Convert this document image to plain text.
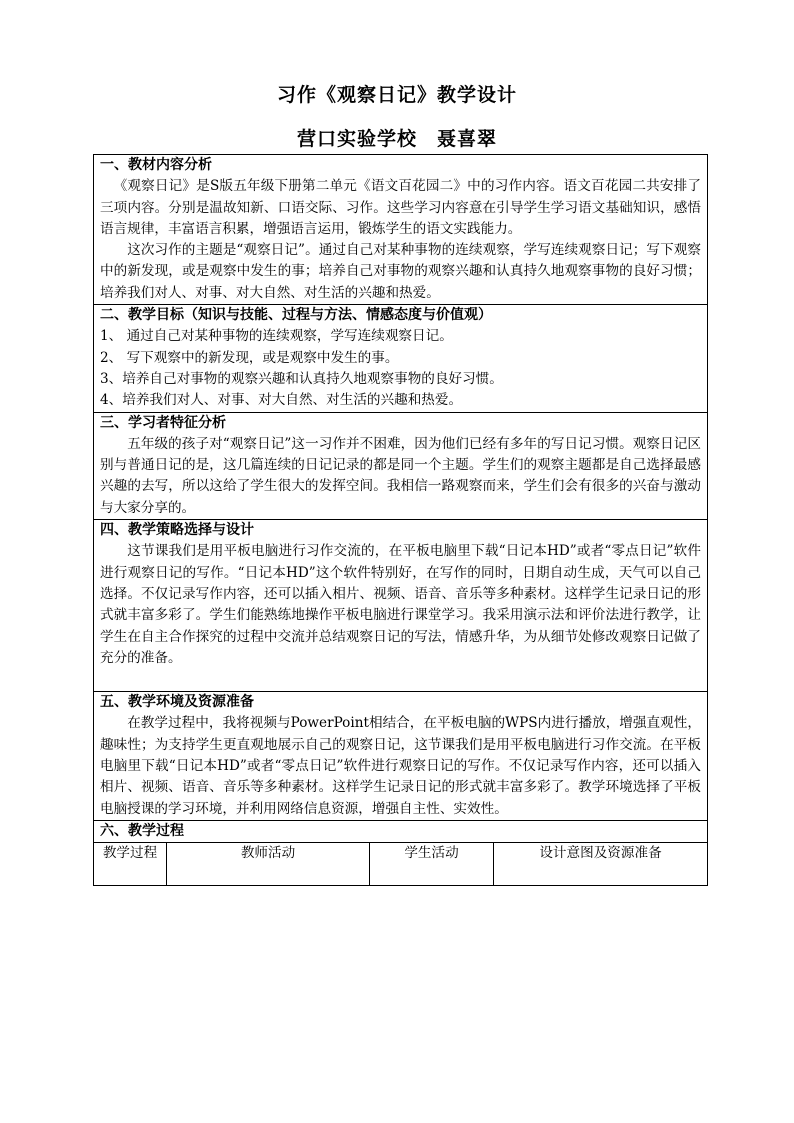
习作《观察日记》教学设计
营口实验学校　聂喜翠
一、教材内容分析

《观察日记》是S版五年级下册第二单元《语文百花园二》中的习作内容。语文百花园二共安排了三项内容。分别是温故知新、口语交际、习作。这些学习内容意在引导学生学习语文基础知识，感悟语言规律，丰富语言积累，增强语言运用，锻炼学生的语文实践能力。

这次习作的主题是“观察日记”。通过自己对某种事物的连续观察，学写连续观察日记；写下观察中的新发现，或是观察中发生的事；培养自己对事物的观察兴趣和认真持久地观察事物的良好习惯；培养我们对人、对事、对大自然、对生活的兴趣和热爱。

二、教学目标（知识与技能、过程与方法、情感态度与价值观）

1、 通过自己对某种事物的连续观察，学写连续观察日记。

2、 写下观察中的新发现，或是观察中发生的事。

3、培养自己对事物的观察兴趣和认真持久地观察事物的良好习惯。

4、培养我们对人、对事、对大自然、对生活的兴趣和热爱。

三、学习者特征分析

五年级的孩子对“观察日记”这一习作并不困难，因为他们已经有多年的写日记习惯。观察日记区别与普通日记的是，这几篇连续的日记记录的都是同一个主题。学生们的观察主题都是自己选择最感兴趣的去写，所以这给了学生很大的发挥空间。我相信一路观察而来，学生们会有很多的兴奋与激动与大家分享的。

四、教学策略选择与设计

这节课我们是用平板电脑进行习作交流的，在平板电脑里下载“日记本HD”或者“零点日记”软件进行观察日记的写作。“日记本HD”这个软件特别好，在写作的同时，日期自动生成，天气可以自己选择。不仅记录写作内容，还可以插入相片、视频、语音、音乐等多种素材。这样学生记录日记的形式就丰富多彩了。学生们能熟练地操作平板电脑进行课堂学习。我采用演示法和评价法进行教学，让学生在自主合作探究的过程中交流并总结观察日记的写法，情感升华，为从细节处修改观察日记做了充分的准备。

五、教学环境及资源准备

在教学过程中，我将视频与PowerPoint相结合，在平板电脑的WPS内进行播放，增强直观性，趣味性；为支持学生更直观地展示自己的观察日记，这节课我们是用平板电脑进行习作交流。在平板电脑里下载“日记本HD”或者“零点日记”软件进行观察日记的写作。不仅记录写作内容，还可以插入相片、视频、语音、音乐等多种素材。这样学生记录日记的形式就丰富多彩了。教学环境选择了平板电脑授课的学习环境，并利用网络信息资源，增强自主性、实效性。

六、教学过程

教学过程	教师活动	学生活动	设计意图及资源准备
